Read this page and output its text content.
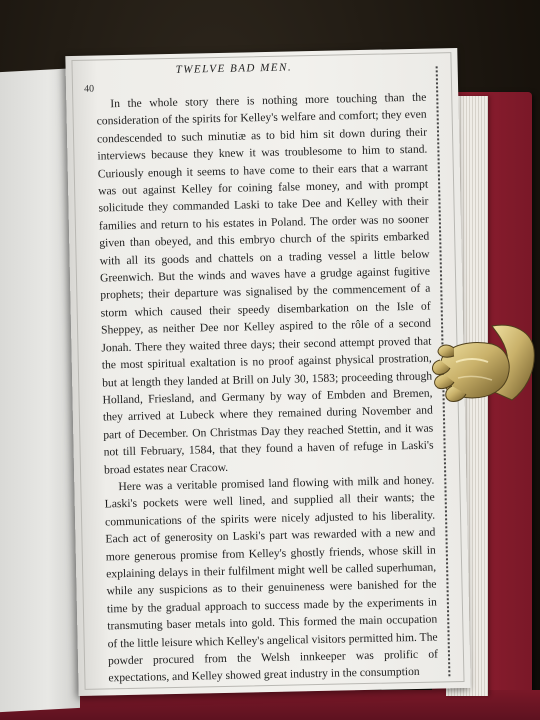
TWELVE BAD MEN.
40

In the whole story there is nothing more touching than the consideration of the spirits for Kelley's welfare and comfort; they even condescended to such minutiæ as to bid him sit down during their interviews because they knew it was troublesome to him to stand. Curiously enough it seems to have come to their ears that a warrant was out against Kelley for coining false money, and with prompt solicitude they commanded Laski to take Dee and Kelley with their families and return to his estates in Poland. The order was no sooner given than obeyed, and this embryo church of the spirits embarked with all its goods and chattels on a trading vessel a little below Greenwich. But the winds and waves have a grudge against fugitive prophets; their departure was signalised by the commencement of a storm which caused their speedy disembarkation on the Isle of Sheppey, as neither Dee nor Kelley aspired to the rôle of a second Jonah. There they waited three days; their second attempt proved that the most spiritual exaltation is no proof against physical prostration, but at length they landed at Brill on July 30, 1583; proceeding through Holland, Friesland, and Germany by way of Embden and Bremen, they arrived at Lubeck where they remained during November and part of December. On Christmas Day they reached Stettin, and it was not till February, 1584, that they found a haven of refuge in Laski's broad estates near Cracow.

Here was a veritable promised land flowing with milk and honey. Laski's pockets were well lined, and supplied all their wants; the communications of the spirits were nicely adjusted to his liberality. Each act of generosity on Laski's part was rewarded with a new and more generous promise from Kelley's ghostly friends, whose skill in explaining delays in their fulfilment might well be called superhuman, while any suspicions as to their genuineness were banished for the time by the gradual approach to success made by the experiments in transmuting baser metals into gold. This formed the main occupation of the little leisure which Kelley's angelical visitors permitted him. The powder procured from the Welsh innkeeper was prolific of expectations, and Kelley showed great industry in the consumption
